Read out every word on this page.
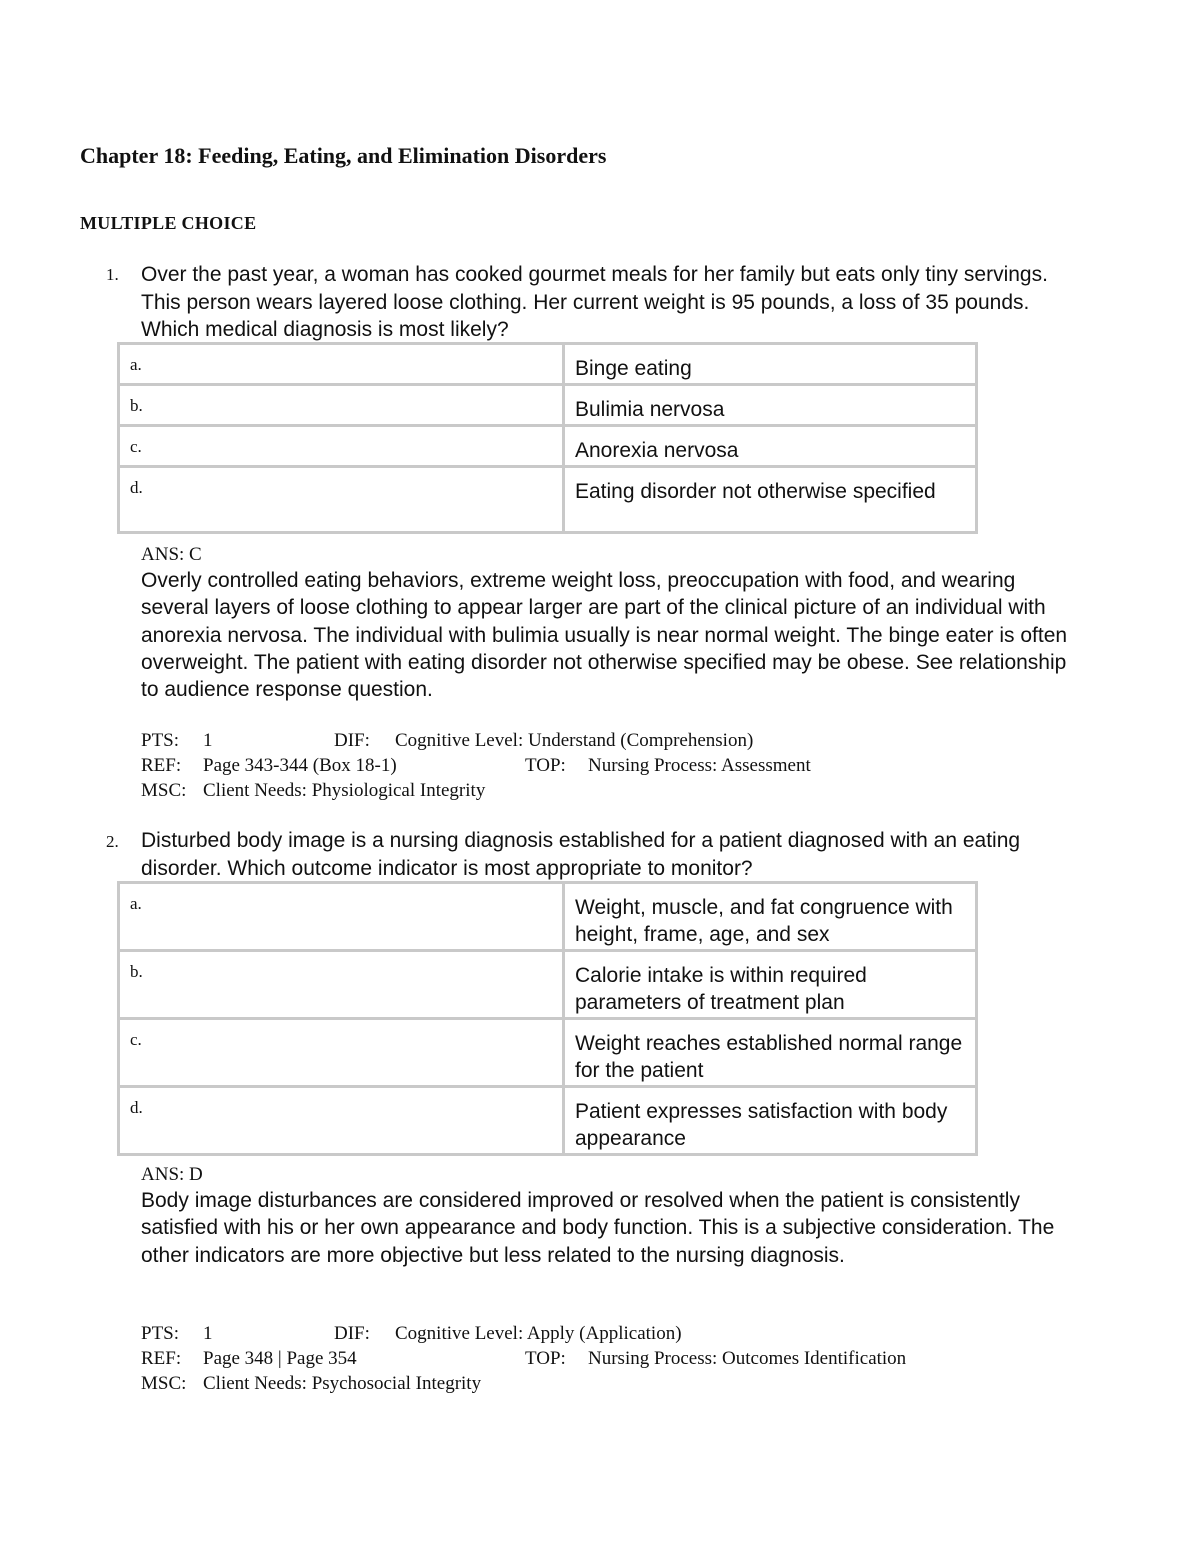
Chapter 18: Feeding, Eating, and Elimination Disorders
MULTIPLE CHOICE
1. Over the past year, a woman has cooked gourmet meals for her family but eats only tiny servings. This person wears layered loose clothing. Her current weight is 95 pounds, a loss of 35 pounds. Which medical diagnosis is most likely?
a.	Binge eating
b.	Bulimia nervosa
c.	Anorexia nervosa
d.	Eating disorder not otherwise specified
ANS: C
Overly controlled eating behaviors, extreme weight loss, preoccupation with food, and wearing several layers of loose clothing to appear larger are part of the clinical picture of an individual with anorexia nervosa. The individual with bulimia usually is near normal weight. The binge eater is often overweight. The patient with eating disorder not otherwise specified may be obese. See relationship to audience response question.
PTS: 1	DIF: Cognitive Level: Understand (Comprehension)
REF: Page 343-344 (Box 18-1)	TOP: Nursing Process: Assessment
MSC: Client Needs: Physiological Integrity
2. Disturbed body image is a nursing diagnosis established for a patient diagnosed with an eating disorder. Which outcome indicator is most appropriate to monitor?
a.	Weight, muscle, and fat congruence with height, frame, age, and sex
b.	Calorie intake is within required parameters of treatment plan
c.	Weight reaches established normal range for the patient
d.	Patient expresses satisfaction with body appearance
ANS: D
Body image disturbances are considered improved or resolved when the patient is consistently satisfied with his or her own appearance and body function. This is a subjective consideration. The other indicators are more objective but less related to the nursing diagnosis.
PTS: 1	DIF: Cognitive Level: Apply (Application)
REF: Page 348 | Page 354	TOP: Nursing Process: Outcomes Identification
MSC: Client Needs: Psychosocial Integrity
